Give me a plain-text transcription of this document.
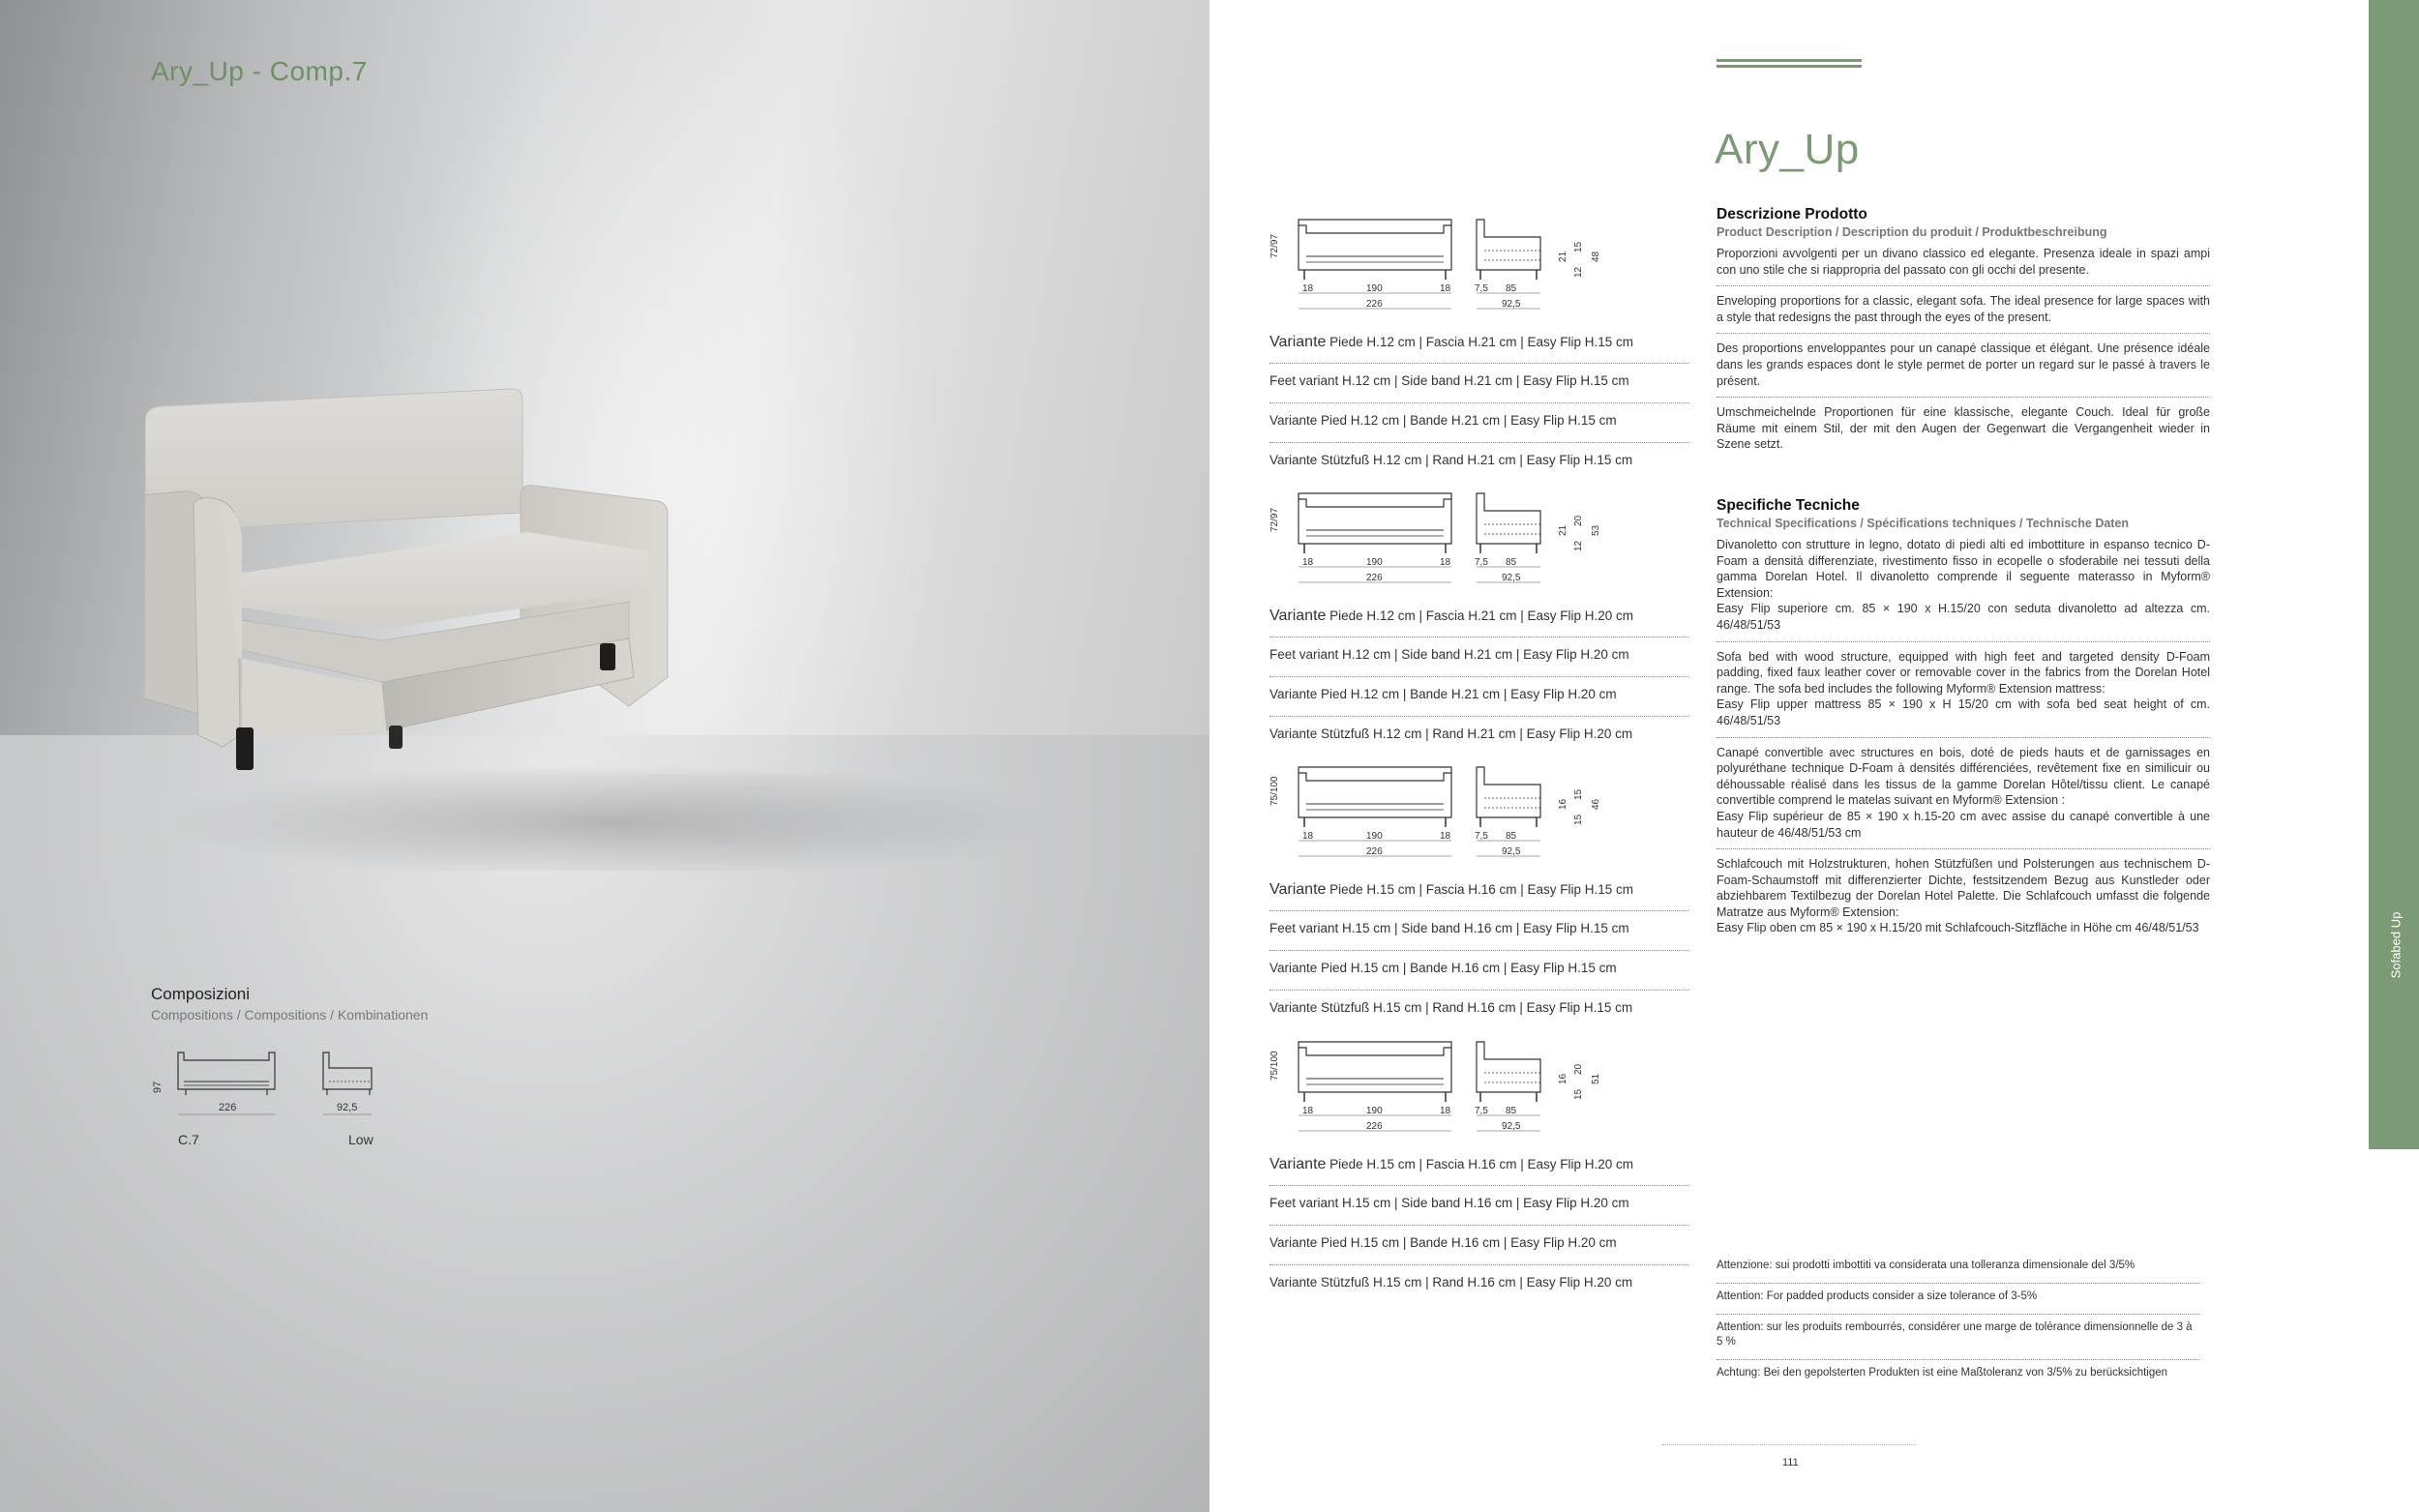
Ary_Up - Comp.7
Composizioni
Compositions / Compositions / Kombinationen
97
226	92,5
C.7	Low
72/97
18	190	18
226
7,5 85
92,5
21
15
12
48
Variante Piede H.12 cm | Fascia H.21 cm | Easy Flip H.15 cm
Feet variant H.12 cm | Side band H.21 cm | Easy Flip H.15 cm
Variante Pied H.12 cm | Bande H.21 cm | Easy Flip H.15 cm
Variante Stützfuß H.12 cm | Rand H.21 cm | Easy Flip H.15 cm
72/97
18	190	18
226
7,5 85
92,5
21
20
12
53
Variante Piede H.12 cm | Fascia H.21 cm | Easy Flip H.20 cm
Feet variant H.12 cm | Side band H.21 cm | Easy Flip H.20 cm
Variante Pied H.12 cm | Bande H.21 cm | Easy Flip H.20 cm
Variante Stützfuß H.12 cm | Rand H.21 cm | Easy Flip H.20 cm
75/100
18	190	18
226
7,5 85
92,5
16
15
15
46
Variante Piede H.15 cm | Fascia H.16 cm | Easy Flip H.15 cm
Feet variant H.15 cm | Side band H.16 cm | Easy Flip H.15 cm
Variante Pied H.15 cm | Bande H.16 cm | Easy Flip H.15 cm
Variante Stützfuß H.15 cm | Rand H.16 cm | Easy Flip H.15 cm
75/100
18	190	18
226
7,5 85
92,5
16
20
15
51
Variante Piede H.15 cm | Fascia H.16 cm | Easy Flip H.20 cm
Feet variant H.15 cm | Side band H.16 cm | Easy Flip H.20 cm
Variante Pied H.15 cm | Bande H.16 cm | Easy Flip H.20 cm
Variante Stützfuß H.15 cm | Rand H.16 cm | Easy Flip H.20 cm
Ary_Up
Descrizione Prodotto
Product Description / Description du produit / Produktbeschreibung
Proporzioni avvolgenti per un divano classico ed elegante. Presenza ideale in spazi ampi con uno stile che si riappropria del passato con gli occhi del presente.
Enveloping proportions for a classic, elegant sofa. The ideal presence for large spaces with a style that redesigns the past through the eyes of the present.
Des proportions enveloppantes pour un canapé classique et élégant. Une présence idéale dans les grands espaces dont le style permet de porter un regard sur le passé à travers le présent.
Umschmeichelnde Proportionen für eine klassische, elegante Couch. Ideal für große Räume mit einem Stil, der mit den Augen der Gegenwart die Vergangenheit wieder in Szene setzt.
Specifiche Tecniche
Technical Specifications / Spécifications techniques / Technische Daten
Divanoletto con strutture in legno, dotato di piedi alti ed imbottiture in espanso tecnico D-Foam a densità differenziate, rivestimento fisso in ecopelle o sfoderabile nei tessuti della gamma Dorelan Hotel. Il divanoletto comprende il seguente materasso in Myform® Extension:
Easy Flip superiore cm. 85 × 190 x H.15/20 con seduta divanoletto ad altezza cm. 46/48/51/53
Sofa bed with wood structure, equipped with high feet and targeted density D-Foam padding, fixed faux leather cover or removable cover in the fabrics from the Dorelan Hotel range. The sofa bed includes the following Myform® Extension mattress:
Easy Flip upper mattress 85 × 190 x H 15/20 cm with sofa bed seat height of cm. 46/48/51/53
Canapé convertible avec structures en bois, doté de pieds hauts et de garnissages en polyuréthane technique D-Foam à densités différenciées, revêtement fixe en similicuir ou déhoussable réalisé dans les tissus de la gamme Dorelan Hôtel/tissu client. Le canapé convertible comprend le matelas suivant en Myform® Extension :
Easy Flip supérieur de 85 × 190 x h.15-20 cm avec assise du canapé convertible à une hauteur de 46/48/51/53 cm
Schlafcouch mit Holzstrukturen, hohen Stützfüßen und Polsterungen aus technischem D-Foam-Schaumstoff mit differenzierter Dichte, festsitzendem Bezug aus Kunstleder oder abziehbarem Textilbezug der Dorelan Hotel Palette. Die Schlafcouch umfasst die folgende Matratze aus Myform® Extension:
Easy Flip oben cm 85 × 190 x H.15/20 mit Schlafcouch-Sitzfläche in Höhe cm 46/48/51/53
Attenzione: sui prodotti imbottiti va considerata una tolleranza dimensionale del 3/5%
Attention: For padded products consider a size tolerance of 3-5%
Attention: sur les produits rembourrés, considérer une marge de tolérance dimensionnelle de 3 à 5 %
Achtung: Bei den gepolsterten Produkten ist eine Maßtoleranz von 3/5% zu berücksichtigen
111
Sofabed Up
